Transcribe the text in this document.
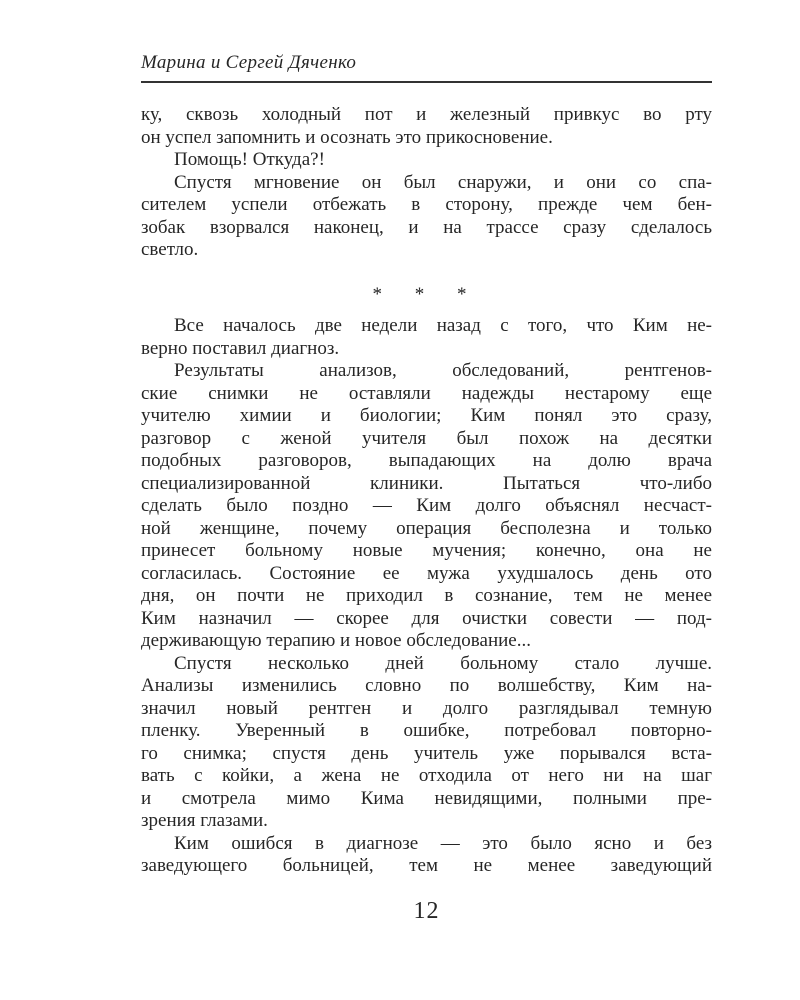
Марина и Сергей Дяченко
ку, сквозь холодный пот и железный привкус во рту
он успел запомнить и осознать это прикосновение.
Помощь! Откуда?!
Спустя мгновение он был снаружи, и они со спа-
сителем успели отбежать в сторону, прежде чем бен-
зобак взорвался наконец, и на трассе сразу сделалось
светло.
* * *
Все началось две недели назад с того, что Ким не-
верно поставил диагноз.
Результаты анализов, обследований, рентгенов-
ские снимки не оставляли надежды нестарому еще
учителю химии и биологии; Ким понял это сразу,
разговор с женой учителя был похож на десятки
подобных разговоров, выпадающих на долю врача
специализированной клиники. Пытаться что-либо
сделать было поздно — Ким долго объяснял несчаст-
ной женщине, почему операция бесполезна и только
принесет больному новые мучения; конечно, она не
согласилась. Состояние ее мужа ухудшалось день ото
дня, он почти не приходил в сознание, тем не менее
Ким назначил — скорее для очистки совести — под-
держивающую терапию и новое обследование...
Спустя несколько дней больному стало лучше.
Анализы изменились словно по волшебству, Ким на-
значил новый рентген и долго разглядывал темную
пленку. Уверенный в ошибке, потребовал повторно-
го снимка; спустя день учитель уже порывался вста-
вать с койки, а жена не отходила от него ни на шаг
и смотрела мимо Кима невидящими, полными пре-
зрения глазами.
Ким ошибся в диагнозе — это было ясно и без
заведующего больницей, тем не менее заведующий
12
